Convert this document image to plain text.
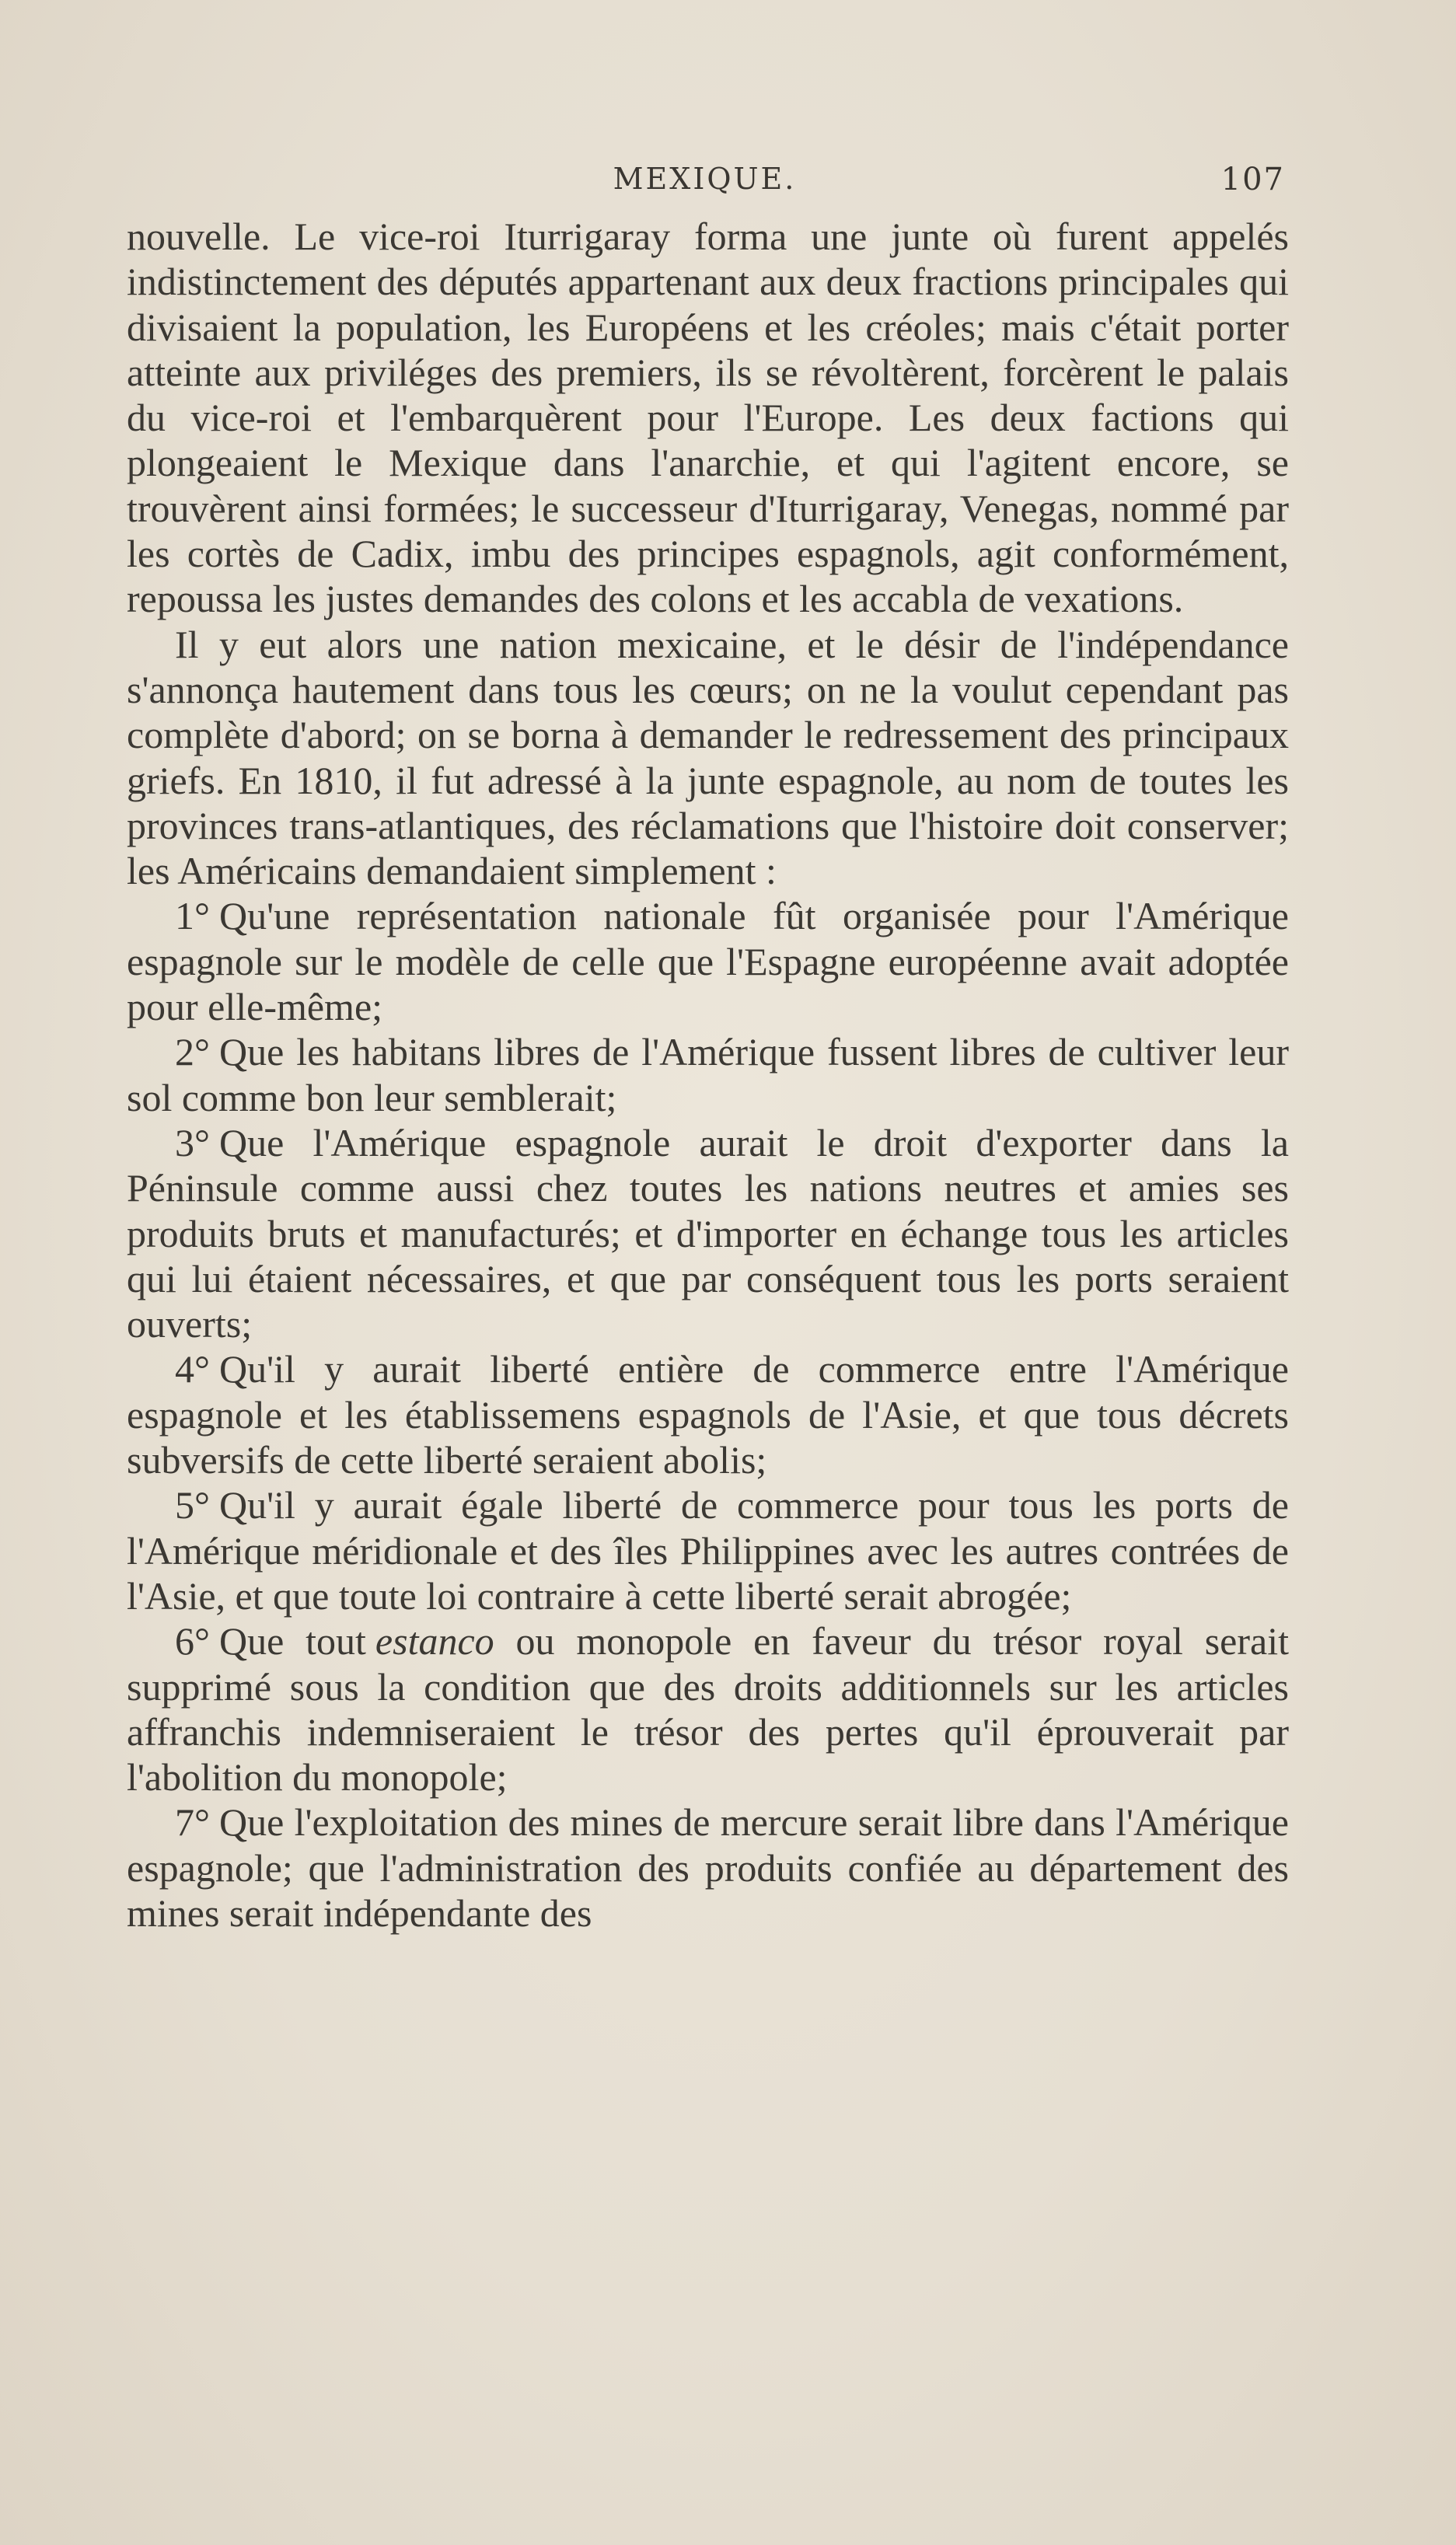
MEXIQUE.	107

nouvelle. Le vice-roi Iturrigaray forma une junte où furent appelés indistinctement des députés appartenant aux deux fractions principales qui divisaient la population, les Européens et les créoles; mais c'était porter atteinte aux priviléges des premiers, ils se révoltèrent, forcèrent le palais du vice-roi et l'embarquèrent pour l'Europe. Les deux factions qui plongeaient le Mexique dans l'anarchie, et qui l'agitent encore, se trouvèrent ainsi formées; le successeur d'Iturrigaray, Venegas, nommé par les cortès de Cadix, imbu des principes espagnols, agit conformément, repoussa les justes demandes des colons et les accabla de vexations.

Il y eut alors une nation mexicaine, et le désir de l'indépendance s'annonça hautement dans tous les cœurs; on ne la voulut cependant pas complète d'abord; on se borna à demander le redressement des principaux griefs. En 1810, il fut adressé à la junte espagnole, au nom de toutes les provinces trans-atlantiques, des réclamations que l'histoire doit conserver; les Américains demandaient simplement :

1° Qu'une représentation nationale fût organisée pour l'Amérique espagnole sur le modèle de celle que l'Espagne européenne avait adoptée pour elle-même;

2° Que les habitans libres de l'Amérique fussent libres de cultiver leur sol comme bon leur semblerait;

3° Que l'Amérique espagnole aurait le droit d'exporter dans la Péninsule comme aussi chez toutes les nations neutres et amies ses produits bruts et manufacturés; et d'importer en échange tous les articles qui lui étaient nécessaires, et que par conséquent tous les ports seraient ouverts;

4° Qu'il y aurait liberté entière de commerce entre l'Amérique espagnole et les établissemens espagnols de l'Asie, et que tous décrets subversifs de cette liberté seraient abolis;

5° Qu'il y aurait égale liberté de commerce pour tous les ports de l'Amérique méridionale et des îles Philippines avec les autres contrées de l'Asie, et que toute loi contraire à cette liberté serait abrogée;

6° Que tout estanco ou monopole en faveur du trésor royal serait supprimé sous la condition que des droits additionnels sur les articles affranchis indemniseraient le trésor des pertes qu'il éprouverait par l'abolition du monopole;

7° Que l'exploitation des mines de mercure serait libre dans l'Amérique espagnole; que l'administration des produits confiée au département des mines serait indépendante des
